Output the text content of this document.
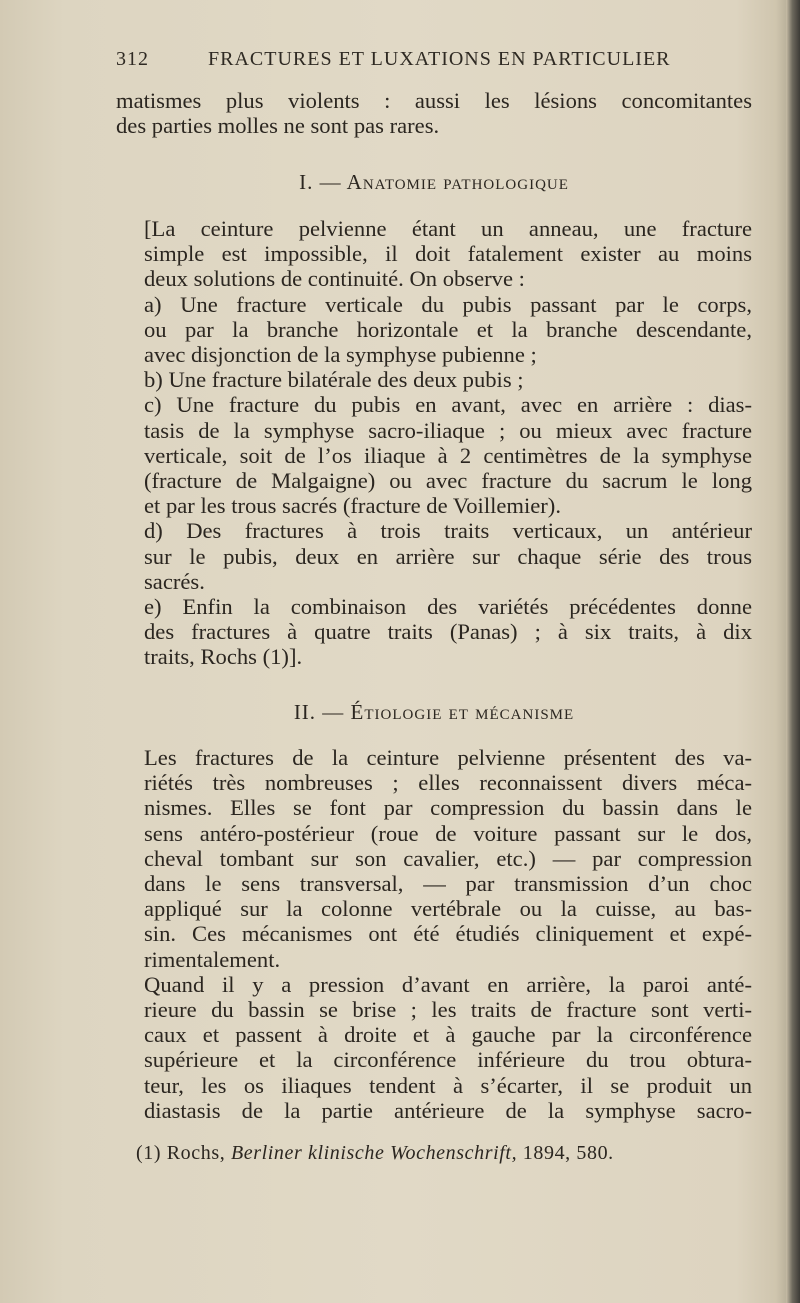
312	FRACTURES ET LUXATIONS EN PARTICULIER
matismes plus violents : aussi les lésions concomitantes
des parties molles ne sont pas rares.
I. — Anatomie pathologique

[La ceinture pelvienne étant un anneau, une fracture
simple est impossible, il doit fatalement exister au moins
deux solutions de continuité. On observe :

a) Une fracture verticale du pubis passant par le corps,
ou par la branche horizontale et la branche descendante,
avec disjonction de la symphyse pubienne ;

b) Une fracture bilatérale des deux pubis ;

c) Une fracture du pubis en avant, avec en arrière : dias-
tasis de la symphyse sacro-iliaque ; ou mieux avec fracture
verticale, soit de l’os iliaque à 2 centimètres de la symphyse
(fracture de Malgaigne) ou avec fracture du sacrum le long
et par les trous sacrés (fracture de Voillemier).

d) Des fractures à trois traits verticaux, un antérieur
sur le pubis, deux en arrière sur chaque série des trous
sacrés.

e) Enfin la combinaison des variétés précédentes donne
des fractures à quatre traits (Panas) ; à six traits, à dix
traits, Rochs (1)].

II. — Étiologie et mécanisme

Les fractures de la ceinture pelvienne présentent des va-
riétés très nombreuses ; elles reconnaissent divers méca-
nismes. Elles se font par compression du bassin dans le
sens antéro-postérieur (roue de voiture passant sur le dos,
cheval tombant sur son cavalier, etc.) — par compression
dans le sens transversal, — par transmission d’un choc
appliqué sur la colonne vertébrale ou la cuisse, au bas-
sin. Ces mécanismes ont été étudiés cliniquement et expé-
rimentalement.

Quand il y a pression d’avant en arrière, la paroi anté-
rieure du bassin se brise ; les traits de fracture sont verti-
caux et passent à droite et à gauche par la circonférence
supérieure et la circonférence inférieure du trou obtura-
teur, les os iliaques tendent à s’écarter, il se produit un
diastasis de la partie antérieure de la symphyse sacro-

(1) Rochs, Berliner klinische Wochenschrift, 1894, 580.
